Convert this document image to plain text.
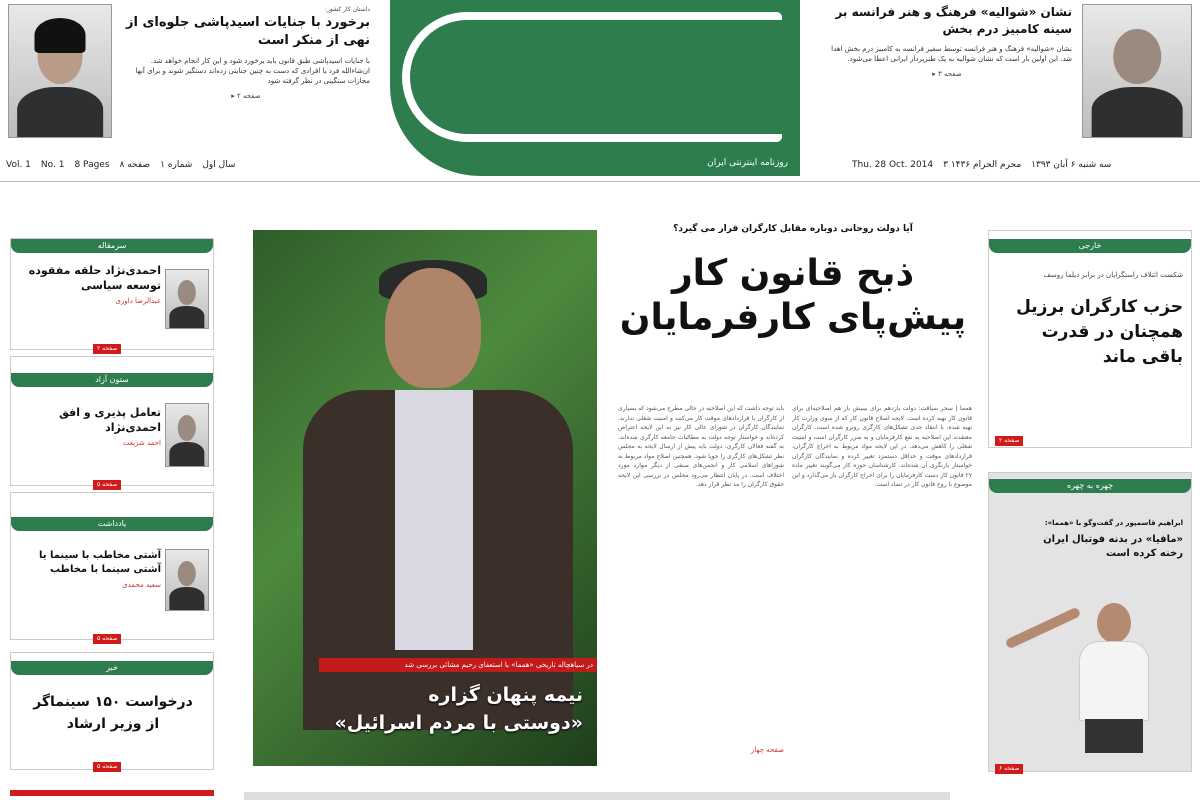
داستان کار کشور:
برخورد با جنایات اسیدپاشی جلوه‌ای از نهی از منکر است
با جنایات اسیدپاشی طبق قانون باید برخورد شود و این کار انجام خواهد شد. ان‌شاءالله فرد یا افرادی که دست به چنین جنایتی زده‌اند دستگیر شوند و برای آنها مجازات سنگینی در نظر گرفته شود
صفحه ۲ ▸
روزنامه اینترنتی ایران
نشان «شوالیه» فرهنگ و هنر فرانسه بر سینه کامبیز درم بخش
نشان «شوالیه» فرهنگ و هنر فرانسه توسط سفیر فرانسه به کامبیز درم بخش اهدا شد. این اولین بار است که نشان شوالیه به یک طنزپرداز ایرانی اعطا می‌شود.
صفحه ۳ ▸
Vol. 1 No. 1 8 Pages ۸ صفحه شماره ۱ سال اول	Thu. 28 Oct. 2014 ۳ محرم الحرام ۱۴۳۶ سه شنبه ۶ آبان ۱۳۹۳
سرمقاله
احمدی‌نژاد حلقه مفقوده توسعه سیاسی
عبدالرضا داوری
صفحه ۲
ستون آزاد
تعامل پذیری و افق احمدی‌نژاد
احمد شریعت
صفحه ۵
یادداشت
آشتی مخاطب با سینما یا آشتی سینما با مخاطب
سعید محمدی
صفحه ۵
خبر
درخواست ۱۵۰ سینماگر از وزیر ارشاد
صفحه ۵
در سیاهچاله تاریخی «همما» با استعفای رحیم مشائی بررسی شد
نیمه پنهان گزاره
«دوستی با مردم اسرائیل»
آیا دولت روحانی دوباره مقابل کارگران قرار می گیرد؟
ذبح قانون کار
پیش‌پای کارفرمایان
همما | سحر سیاقت: دولت یازدهم برای بیبیش باز هم اصلاحیه‌ای برای قانون کار تهیه کرده است. لایحه اصلاح قانون کار که از سوی وزارت کار تهیه شده، با انتقاد جدی تشکل‌های کارگری روبرو شده است. کارگران معتقدند این اصلاحیه به نفع کارفرمایان و به ضرر کارگران است و امنیت شغلی را کاهش می‌دهد. در این لایحه مواد مربوط به اخراج کارگران، قراردادهای موقت و حداقل دستمزد تغییر کرده و نمایندگان کارگران خواستار بازنگری آن شده‌اند. کارشناسان حوزه کار می‌گویند تغییر ماده ۲۷ قانون کار دست کارفرمایان را برای اخراج کارگران باز می‌گذارد و این موضوع با روح قانون کار در تضاد است.
باید توجه داشت که این اصلاحیه در حالی مطرح می‌شود که بسیاری از کارگران با قراردادهای موقت کار می‌کنند و امنیت شغلی ندارند. نمایندگان کارگران در شورای عالی کار نیز به این لایحه اعتراض کرده‌اند و خواستار توجه دولت به مطالبات جامعه کارگری شده‌اند. به گفته فعالان کارگری، دولت باید پیش از ارسال لایحه به مجلس نظر تشکل‌های کارگری را جویا شود. همچنین اصلاح مواد مربوط به شوراهای اسلامی کار و انجمن‌های صنفی از دیگر موارد مورد اختلاف است. در پایان انتظار می‌رود مجلس در بررسی این لایحه حقوق کارگران را مد نظر قرار دهد.
صفحه چهار
خارجی
شکست ائتلاف راستگرایان در برابر دیلما روسف
حزب کارگران برزیل همچنان در قدرت باقی ماند
صفحه ۲
چهره به چهره
ابراهیم قاسمپور در گفت‌وگو با «همما»:
«مافیا» در بدنه فوتبال ایران رخنه کرده است
صفحه ۶
